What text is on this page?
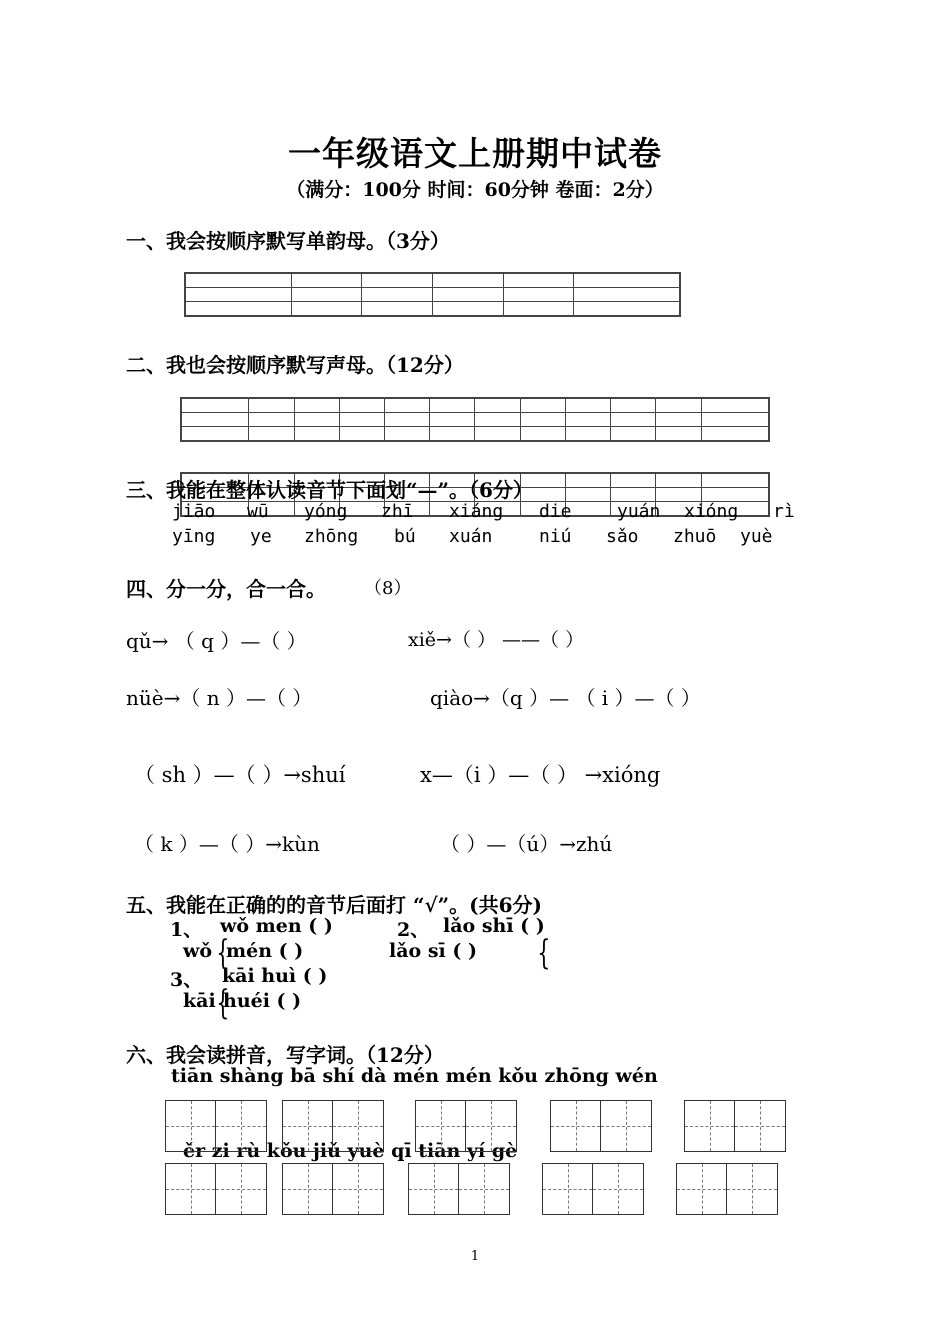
一年级语文上册期中试卷
（满分：100分 时间：60分钟 卷面：2分）
一、我会按顺序默写单韵母。（3分）

二、我也会按顺序默写声母。（12分）

三、我能在整体认读音节下面划“—”。（6分）
jiāo wū yóng zhī xiáng die	yuán xióng rì
yīng ye zhōng bú xuán	niú sǎo zhuō yuè
四、分一分，合一合。 （8）
qǔ→ （ q ）—（ ）	xiě→（ ） ——（ ）
nüè→（ n ）—（ ）	qiào→（q ）— （ i ）—（ ）
（ sh ）—（ ）→shuí	x—（i ）—（ ） →xióng
（ k ）—（ ）→kùn	（ ）—（ú）→zhú
五、我能在正确的的音节后面打 “√”。(共6分)
1、 wǒ men ( )
wǒ mén ( )
2、 lǎo shī ( )
lǎo sī ( )
3、 kāi huì ( )
kāi huéi ( )
{
{
{
六、我会读拼音，写字词。（12分）
tiān shàng bā shí dà mén mén kǒu zhōng wén
ěr zi rù kǒu jiǔ yuè qī tiān yí gè
1
